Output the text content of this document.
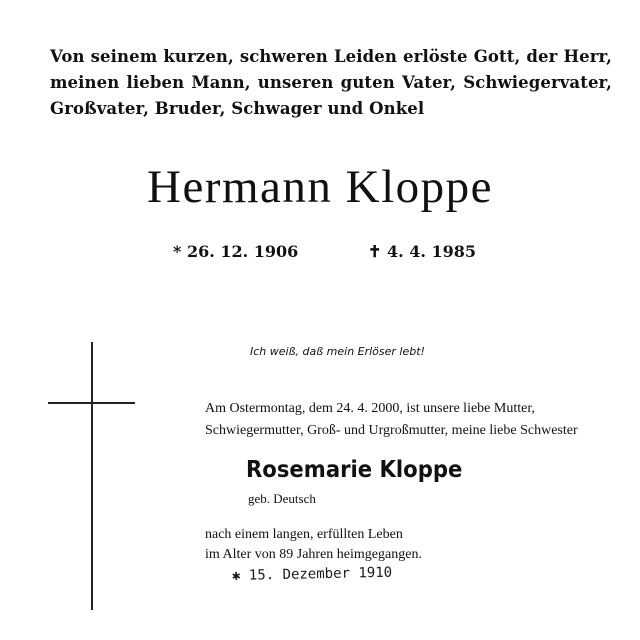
Von seinem kurzen, schweren Leiden erlöste Gott, der Herr, meinen lieben Mann, unseren guten Vater, Schwiegervater, Großvater, Bruder, Schwager und Onkel
Hermann Kloppe
* 26. 12. 1906	✝ 4. 4. 1985
Ich weiß, daß mein Erlöser lebt!
Am Ostermontag, dem 24. 4. 2000, ist unsere liebe Mutter, Schwiegermutter, Groß- und Urgroßmutter, meine liebe Schwester
Rosemarie Kloppe
geb. Deutsch
nach einem langen, erfüllten Leben
im Alter von 89 Jahren heimgegangen.
✱ 15. Dezember 1910
